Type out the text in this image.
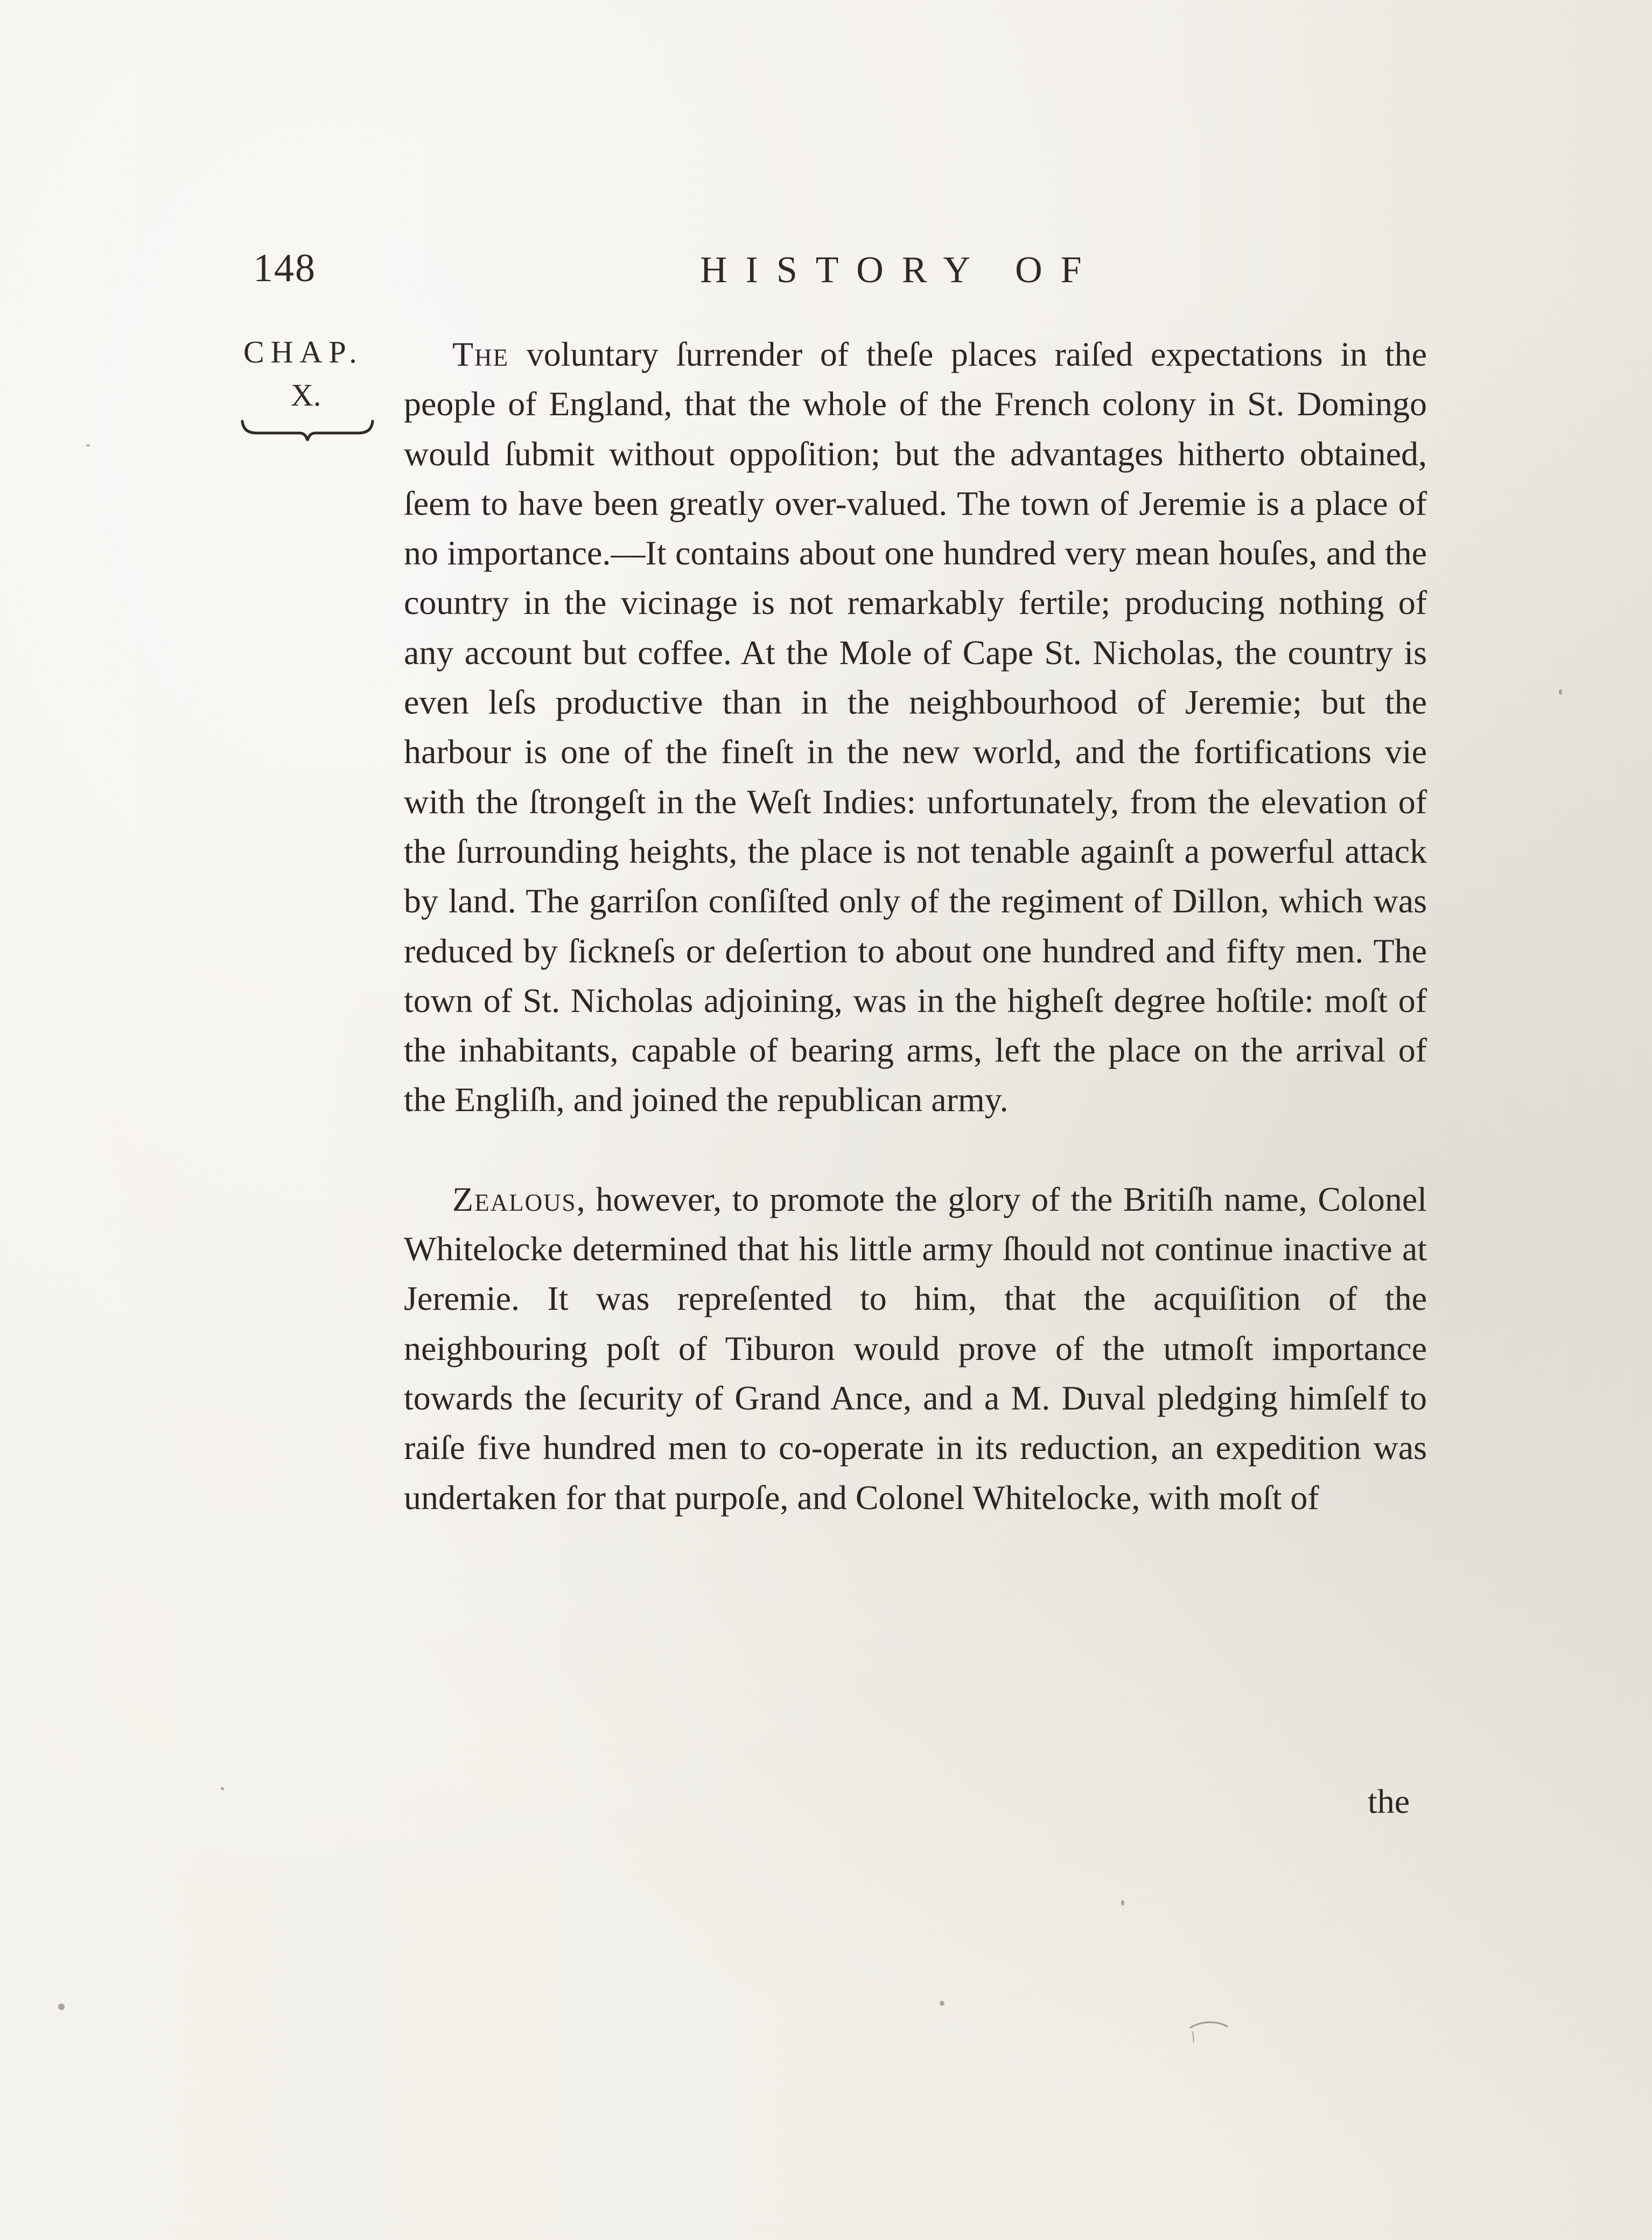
148	HISTORY OF
CHAP.
X.

The voluntary ſurrender of theſe places raiſed expectations in the people of England, that the whole of the French colony in St. Domingo would ſubmit without oppoſition; but the advantages hitherto obtained, ſeem to have been greatly over-valued. The town of Jeremie is a place of no importance.—It contains about one hundred very mean houſes, and the country in the vicinage is not remarkably fertile; producing nothing of any account but coffee. At the Mole of Cape St. Nicholas, the country is even leſs productive than in the neighbourhood of Jeremie; but the harbour is one of the fineſt in the new world, and the fortifications vie with the ſtrongeſt in the Weſt Indies: unfortunately, from the elevation of the ſurrounding heights, the place is not tenable againſt a powerful attack by land. The garriſon conſiſted only of the regiment of Dillon, which was reduced by ſickneſs or deſertion to about one hundred and fifty men. The town of St. Nicholas adjoining, was in the higheſt degree hoſtile: moſt of the inhabitants, capable of bearing arms, left the place on the arrival of the Engliſh, and joined the republican army.

Zealous, however, to promote the glory of the Britiſh name, Colonel Whitelocke determined that his little army ſhould not continue inactive at Jeremie. It was repreſented to him, that the acquiſition of the neighbouring poſt of Tiburon would prove of the utmoſt importance towards the ſecurity of Grand Ance, and a M. Duval pledging himſelf to raiſe five hundred men to co-operate in its reduction, an expedition was undertaken for that purpoſe, and Colonel Whitelocke, with moſt of

the
